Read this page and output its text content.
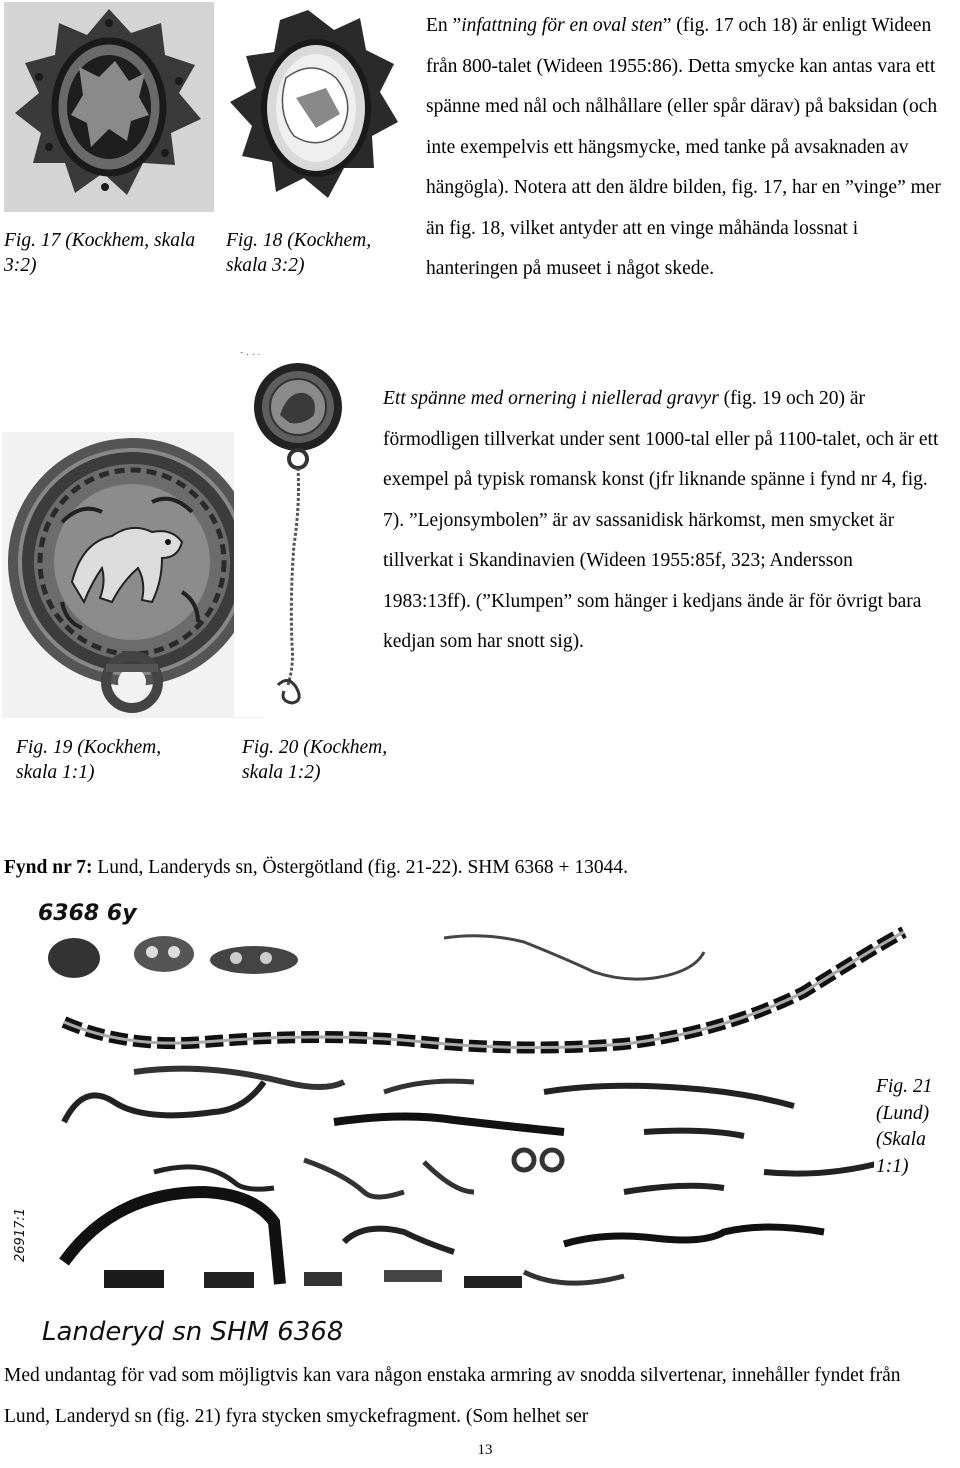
Fig. 17 (Kockhem, skala 3:2)
Fig. 18 (Kockhem, skala 3:2)

En ”infattning för en oval sten” (fig. 17 och 18) är enligt Wideen från 800-talet (Wideen 1955:86). Detta smycke kan antas vara ett spänne med nål och nålhållare (eller spår därav) på baksidan (och inte exempelvis ett hängsmycke, med tanke på avsaknaden av hängögla). Notera att den äldre bilden, fig. 17, har en ”vinge” mer än fig. 18, vilket antyder att en vinge måhända lossnat i hanteringen på museet i något skede.

- . . .

Ett spänne med ornering i niellerad gravyr (fig. 19 och 20) är förmodligen tillverkat under sent 1000-tal eller på 1100-talet, och är ett exempel på typisk romansk konst (jfr liknande spänne i fynd nr 4, fig. 7). ”Lejonsymbolen” är av sassanidisk härkomst, men smycket är tillverkat i Skandinavien (Wideen 1955:85f, 323; Andersson 1983:13ff). (”Klumpen” som hänger i kedjans ände är för övrigt bara kedjan som har snott sig).

Fig. 19 (Kockhem, skala 1:1)
Fig. 20 (Kockhem, skala 1:2)
Fynd nr 7: Lund, Landeryds sn, Östergötland (fig. 21-22). SHM 6368 + 13044.
6368 6y
Landeryd sn SHM 6368
26917:1
Fig. 21 (Lund) (Skala 1:1)
Med undantag för vad som möjligtvis kan vara någon enstaka armring av snodda silvertenar, innehåller fyndet från Lund, Landeryd sn (fig. 21) fyra stycken smyckefragment. (Som helhet ser
13
